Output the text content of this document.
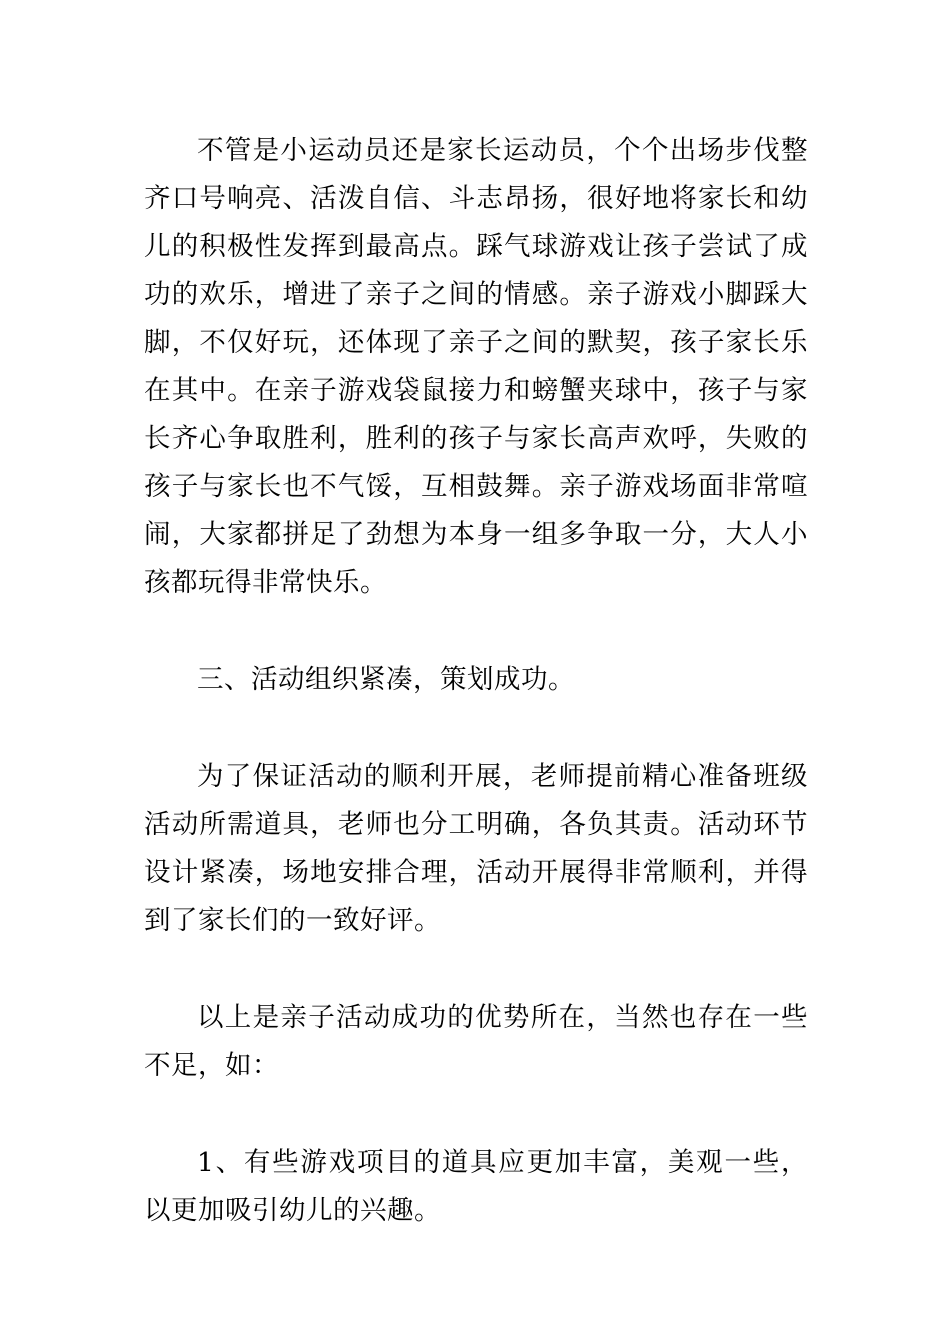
不管是小运动员还是家长运动员，个个出场步伐整齐口号响亮、活泼自信、斗志昂扬，很好地将家长和幼儿的积极性发挥到最高点。踩气球游戏让孩子尝试了成功的欢乐，增进了亲子之间的情感。亲子游戏小脚踩大脚，不仅好玩，还体现了亲子之间的默契，孩子家长乐在其中。在亲子游戏袋鼠接力和螃蟹夹球中，孩子与家长齐心争取胜利，胜利的孩子与家长高声欢呼，失败的孩子与家长也不气馁，互相鼓舞。亲子游戏场面非常喧闹，大家都拼足了劲想为本身一组多争取一分，大人小孩都玩得非常快乐。

三、活动组织紧凑，策划成功。

为了保证活动的顺利开展，老师提前精心准备班级活动所需道具，老师也分工明确，各负其责。活动环节设计紧凑，场地安排合理，活动开展得非常顺利，并得到了家长们的一致好评。

以上是亲子活动成功的优势所在，当然也存在一些不足，如：

1、有些游戏项目的道具应更加丰富，美观一些，以更加吸引幼儿的兴趣。
